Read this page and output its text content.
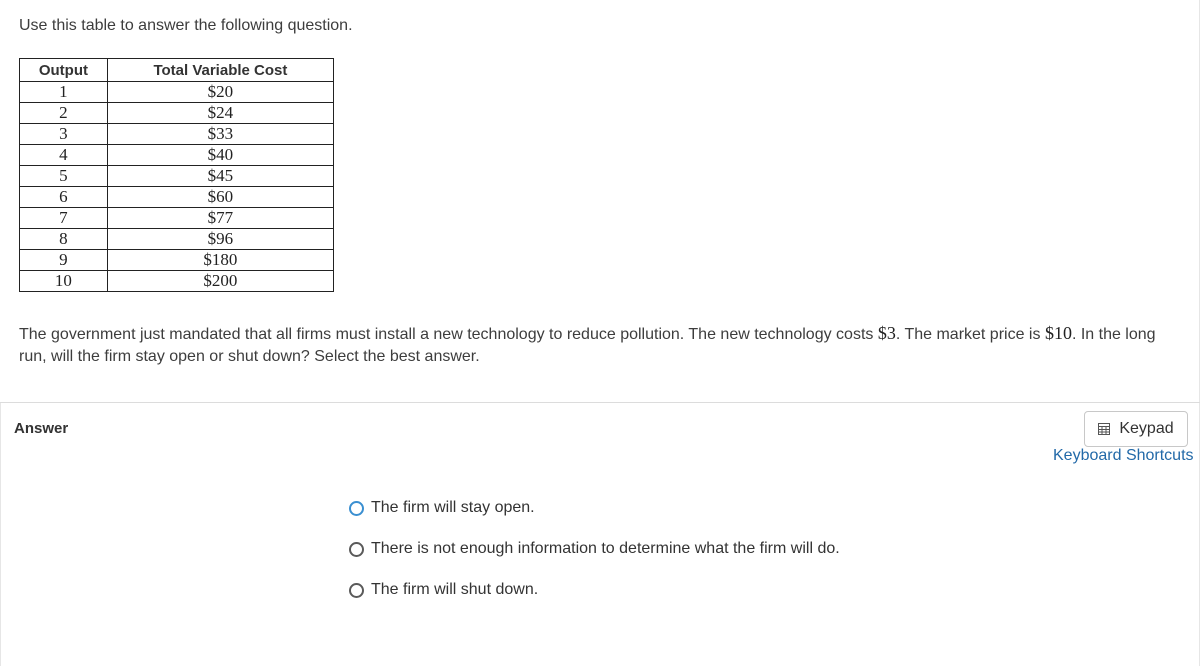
Use this table to answer the following question.
Output	Total Variable Cost
1	$20
2	$24
3	$33
4	$40
5	$45
6	$60
7	$77
8	$96
9	$180
10	$200
The government just mandated that all firms must install a new technology to reduce pollution. The new technology costs $3. The market price is $10. In the long run, will the firm stay open or shut down? Select the best answer.
Answer	Keypad
Keyboard Shortcuts
The firm will stay open.
There is not enough information to determine what the firm will do.
The firm will shut down.
